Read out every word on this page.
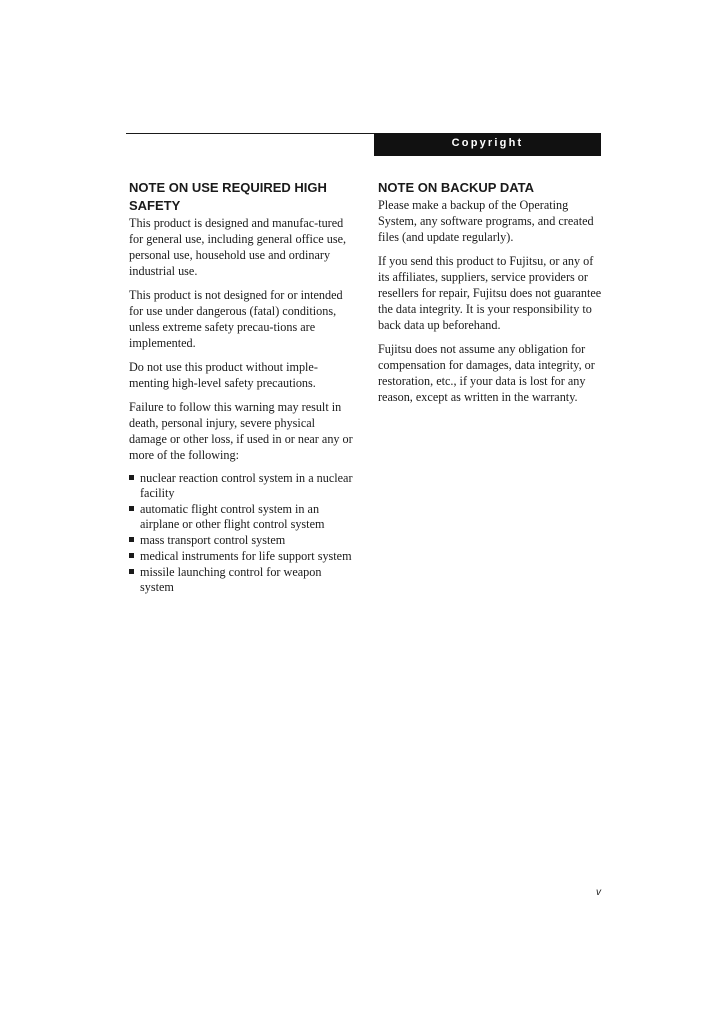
Copyright
NOTE ON USE REQUIRED HIGH SAFETY

This product is designed and manufac-tured for general use, including general office use, personal use, household use and ordinary industrial use.

This product is not designed for or intended for use under dangerous (fatal) conditions, unless extreme safety precau-tions are implemented.

Do not use this product without imple-menting high-level safety precautions.

Failure to follow this warning may result in death, personal injury, severe physical damage or other loss, if used in or near any or more of the following:

nuclear reaction control system in a nuclear facility
automatic flight control system in an airplane or other flight control system
mass transport control system
medical instruments for life support system
missile launching control for weapon system
NOTE ON BACKUP DATA

Please make a backup of the Operating System, any software programs, and created files (and update regularly).

If you send this product to Fujitsu, or any of its affiliates, suppliers, service providers or resellers for repair, Fujitsu does not guarantee the data integrity. It is your responsibility to back data up beforehand.

Fujitsu does not assume any obligation for compensation for damages, data integrity, or restoration, etc., if your data is lost for any reason, except as written in the warranty.

v
